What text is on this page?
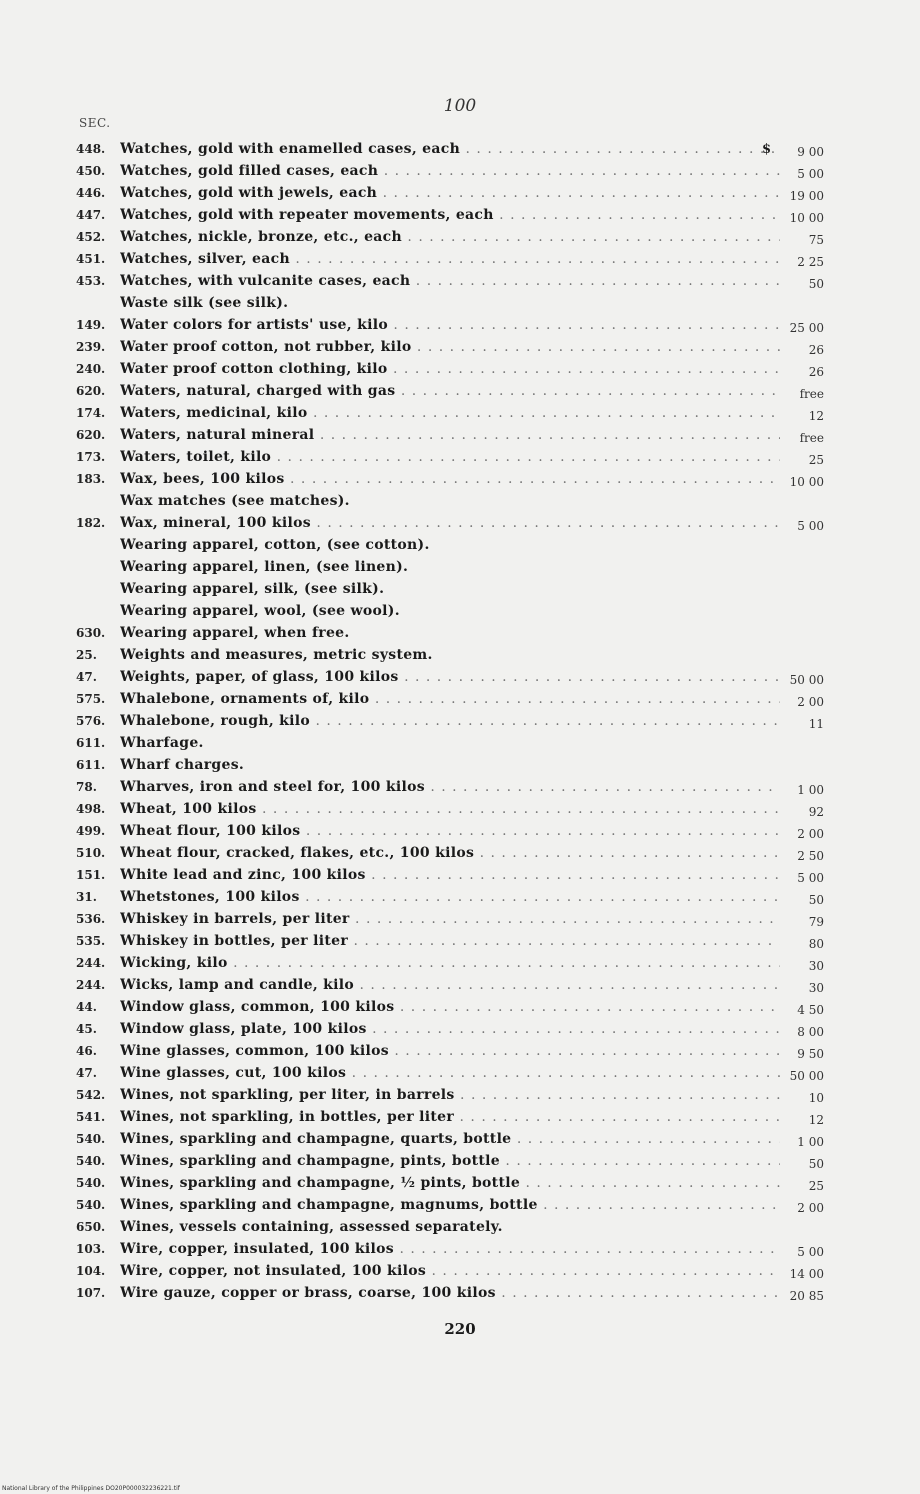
100
SEC.
448.	Watches, gold with enamelled cases, each . . .	$ 9 00
450.	Watches, gold filled cases, each . . .	5 00
446.	Watches, gold with jewels, each . . .	19 00
447.	Watches, gold with repeater movements, each . . .	10 00
452.	Watches, nickle, bronze, etc., each . . .	75
451.	Watches, silver, each . . .	2 25
453.	Watches, with vulcanite cases, each . . .	50
Waste silk (see silk).
149.	Water colors for artists' use, kilo . . .	25 00
239.	Water proof cotton, not rubber, kilo . . .	26
240.	Water proof cotton clothing, kilo . . .	26
620.	Waters, natural, charged with gas . . .	free
174.	Waters, medicinal, kilo . . .	12
620.	Waters, natural mineral . . .	free
173.	Waters, toilet, kilo . . .	25
183.	Wax, bees, 100 kilos . . .	10 00
Wax matches (see matches).
182.	Wax, mineral, 100 kilos . . .	5 00
Wearing apparel, cotton, (see cotton).
Wearing apparel, linen, (see linen).
Wearing apparel, silk, (see silk).
Wearing apparel, wool, (see wool).
630.	Wearing apparel, when free.
25.	Weights and measures, metric system.
47.	Weights, paper, of glass, 100 kilos . . .	50 00
575.	Whalebone, ornaments of, kilo . . .	2 00
576.	Whalebone, rough, kilo . . .	11
611.	Wharfage.
611.	Wharf charges.
78.	Wharves, iron and steel for, 100 kilos . . .	1 00
498.	Wheat, 100 kilos . . .	92
499.	Wheat flour, 100 kilos . . .	2 00
510.	Wheat flour, cracked, flakes, etc., 100 kilos . . .	2 50
151.	White lead and zinc, 100 kilos . . .	5 00
31.	Whetstones, 100 kilos . . .	50
536.	Whiskey in barrels, per liter . . .	79
535.	Whiskey in bottles, per liter . . .	80
244.	Wicking, kilo . . .	30
244.	Wicks, lamp and candle, kilo . . .	30
44.	Window glass, common, 100 kilos . . .	4 50
45.	Window glass, plate, 100 kilos . . .	8 00
46.	Wine glasses, common, 100 kilos . . .	9 50
47.	Wine glasses, cut, 100 kilos . . .	50 00
542.	Wines, not sparkling, per liter, in barrels . . .	10
541.	Wines, not sparkling, in bottles, per liter . . .	12
540.	Wines, sparkling and champagne, quarts, bottle . . .	1 00
540.	Wines, sparkling and champagne, pints, bottle . . .	50
540.	Wines, sparkling and champagne, ½ pints, bottle . . .	25
540.	Wines, sparkling and champagne, magnums, bottle . . .	2 00
650.	Wines, vessels containing, assessed separately.
103.	Wire, copper, insulated, 100 kilos . . .	5 00
104.	Wire, copper, not insulated, 100 kilos . . .	14 00
107.	Wire gauze, copper or brass, coarse, 100 kilos . . .	20 85
220
National Library of the Philippines DO20P000032236221.tif
